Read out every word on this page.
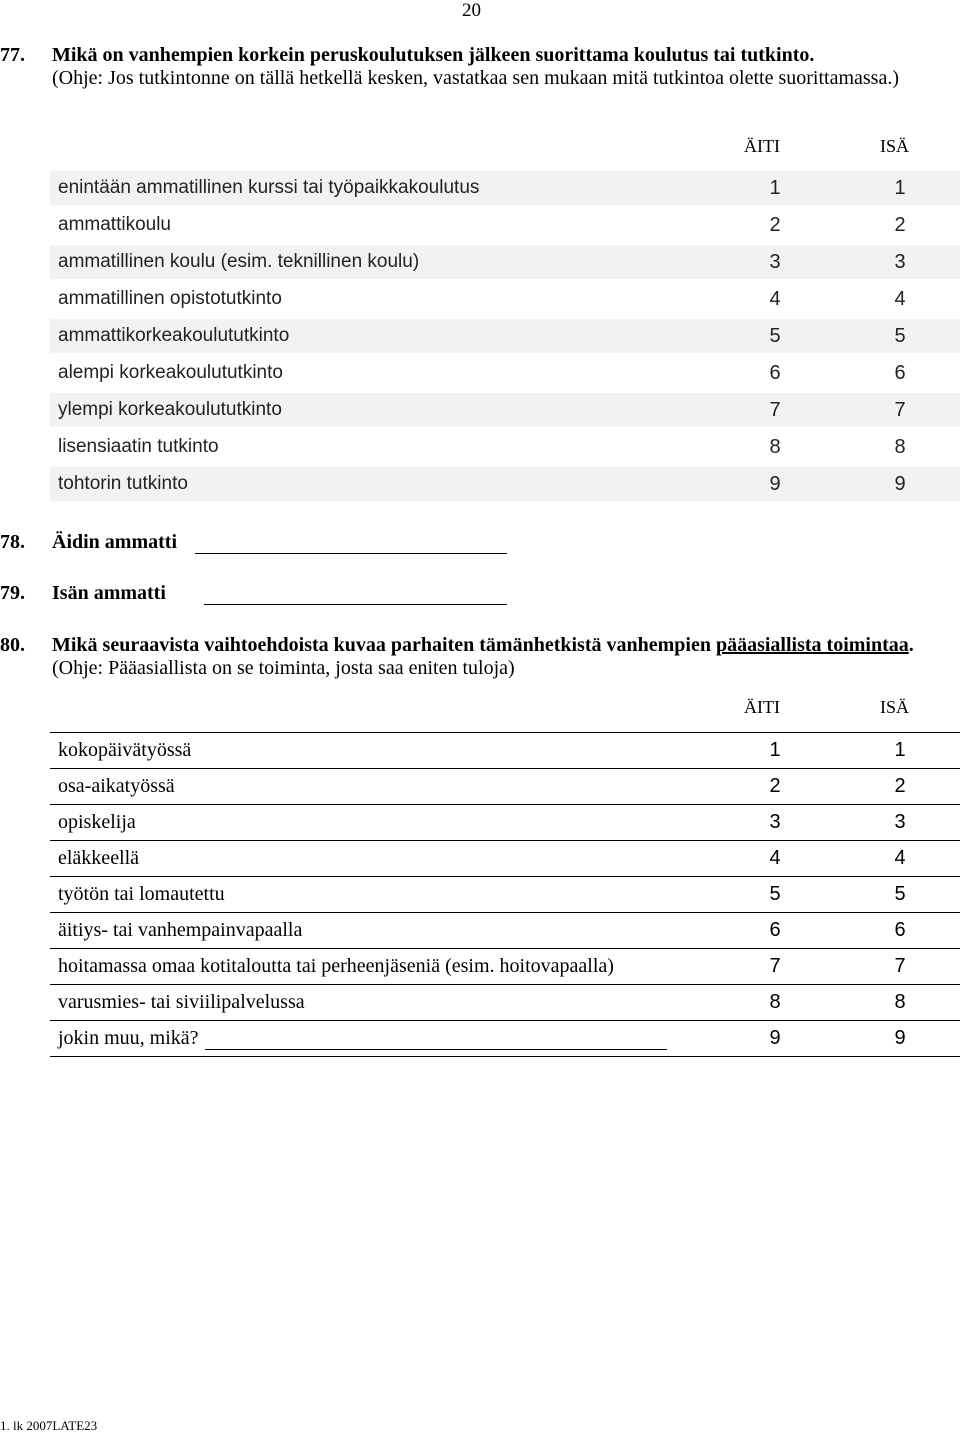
20
77. Mikä on vanhempien korkein peruskoulutuksen jälkeen suorittama koulutus tai tutkinto.
(Ohje: Jos tutkintonne on tällä hetkellä kesken, vastatkaa sen mukaan mitä tutkintoa olette suorittamassa.)
ÄITI	ISÄ
enintään ammatillinen kurssi tai työpaikkakoulutus	1	1
ammattikoulu	2	2
ammatillinen koulu (esim. teknillinen koulu)	3	3
ammatillinen opistotutkinto	4	4
ammattikorkeakoulututkinto	5	5
alempi korkeakoulututkinto	6	6
ylempi korkeakoulututkinto	7	7
lisensiaatin tutkinto	8	8
tohtorin tutkinto	9	9
78. Äidin ammatti
79. Isän ammatti
80. Mikä seuraavista vaihtoehdoista kuvaa parhaiten tämänhetkistä vanhempien pääasiallista toimintaa. (Ohje: Pääasiallista on se toiminta, josta saa eniten tuloja)
ÄITI	ISÄ
kokopäivätyössä	1	1
osa-aikatyössä	2	2
opiskelija	3	3
eläkkeellä	4	4
työtön tai lomautettu	5	5
äitiys- tai vanhempainvapaalla	6	6
hoitamassa omaa kotitaloutta tai perheenjäseniä (esim. hoitovapaalla)	7	7
varusmies- tai siviilipalvelussa	8	8
jokin muu, mikä?	9	9
1. lk 2007LATE23
